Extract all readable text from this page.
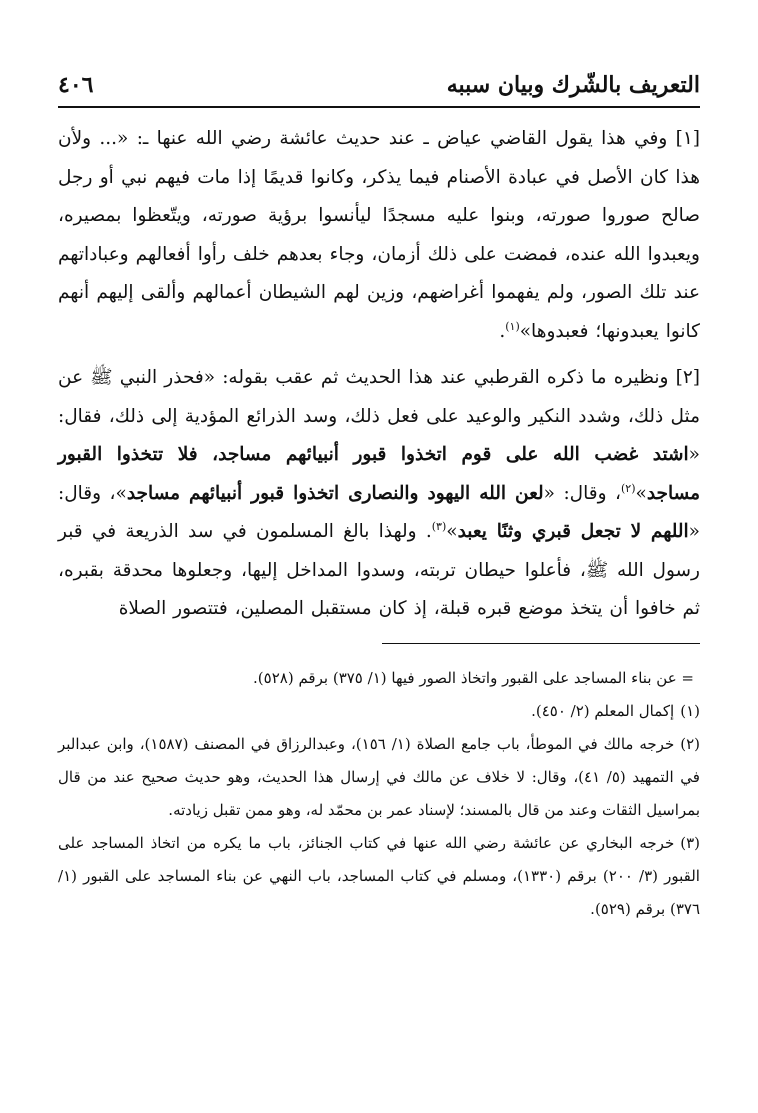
التعريف بالشّرك وبيان سببه
٤٠٦

[١] وفي هذا يقول القاضي عياض ـ عند حديث عائشة رضي الله عنها ـ: «... ولأن هذا كان الأصل في عبادة الأصنام فيما يذكر، وكانوا قديمًا إذا مات فيهم نبي أو رجل صالح صوروا صورته، وبنوا عليه مسجدًا ليأنسوا برؤية صورته، ويتّعظوا بمصيره، ويعبدوا الله عنده، فمضت على ذلك أزمان، وجاء بعدهم خلف رأوا أفعالهم وعباداتهم عند تلك الصور، ولم يفهموا أغراضهم، وزين لهم الشيطان أعمالهم وألقى إليهم أنهم كانوا يعبدونها؛ فعبدوها»$^{(١)}$.

[٢] ونظيره ما ذكره القرطبي عند هذا الحديث ثم عقب بقوله: «فحذر النبي ﷺ عن مثل ذلك، وشدد النكير والوعيد على فعل ذلك، وسد الذرائع المؤدية إلى ذلك، فقال: «اشتد غضب الله على قوم اتخذوا قبور أنبيائهم مساجد، فلا تتخذوا القبور مساجد»$^{(٢)}$، وقال: «لعن الله اليهود والنصارى اتخذوا قبور أنبيائهم مساجد»، وقال: «اللهم لا تجعل قبري وثنًا يعبد»$^{(٣)}$. ولهذا بالغ المسلمون في سد الذريعة في قبر رسول الله ﷺ، فأعلوا حيطان تربته، وسدوا المداخل إليها، وجعلوها محدقة بقبره، ثم خافوا أن يتخذ موضع قبره قبلة، إذ كان مستقبل المصلين، فتتصور الصلاة

= عن بناء المساجد على القبور واتخاذ الصور فيها (١/ ٣٧٥) برقم (٥٢٨).

(١)إكمال المعلم (٢/ ٤٥٠).

(٢)خرجه مالك في الموطأ، باب جامع الصلاة (١/ ١٥٦)، وعبدالرزاق في المصنف (١٥٨٧)، وابن عبدالبر في التمهيد (٥/ ٤١)، وقال: لا خلاف عن مالك في إرسال هذا الحديث، وهو حديث صحيح عند من قال بمراسيل الثقات وعند من قال بالمسند؛ لإسناد عمر بن محمّد له، وهو ممن تقبل زيادته.

(٣)خرجه البخاري عن عائشة رضي الله عنها في كتاب الجنائز، باب ما يكره من اتخاذ المساجد على القبور (٣/ ٢٠٠) برقم (١٣٣٠)، ومسلم في كتاب المساجد، باب النهي عن بناء المساجد على القبور (١/ ٣٧٦) برقم (٥٢٩).
